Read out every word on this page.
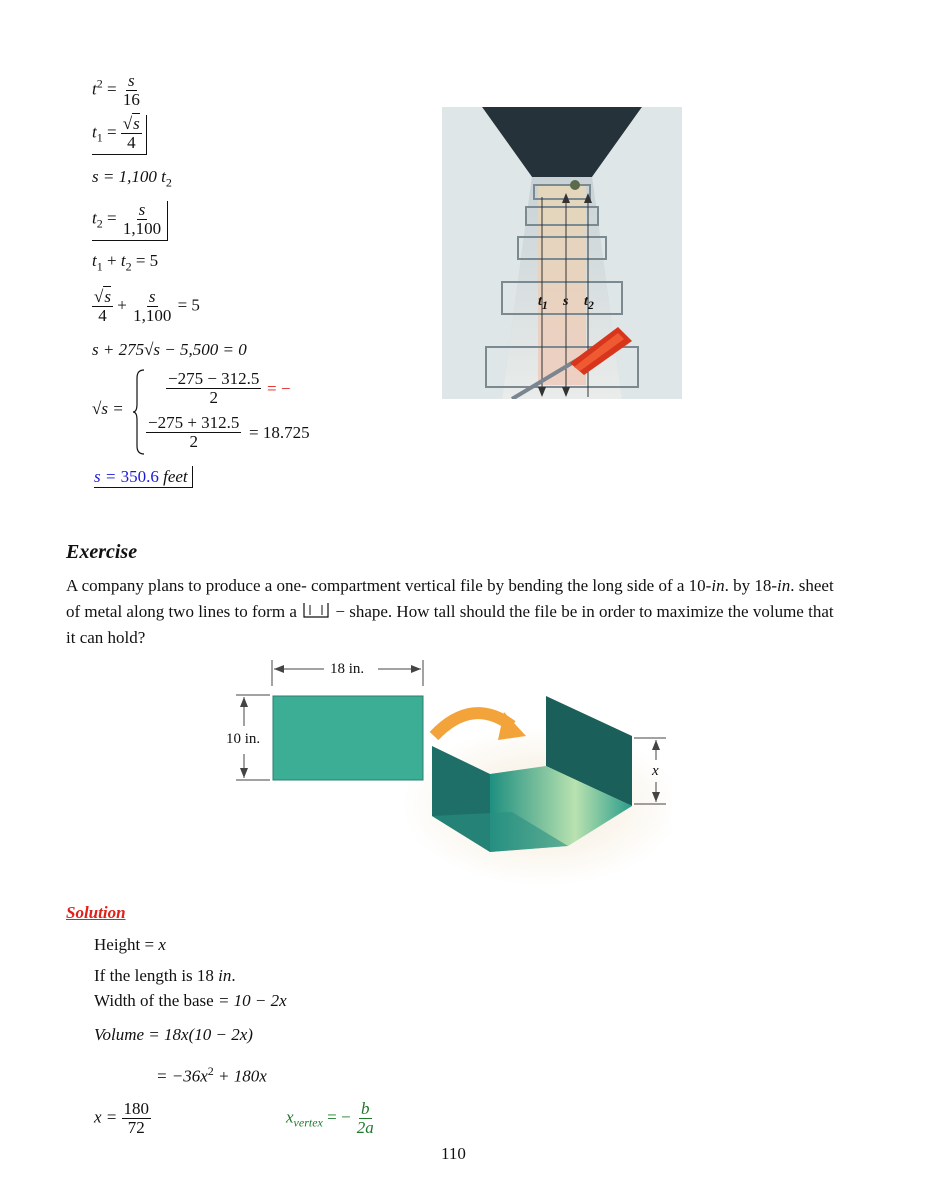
$t^2 = \frac{s}{16}$
$t_1 = \frac{√s}{4}$
s = 1,100 $t_2$
$t_2 = \frac{s}{1,100}$
$t_1 + t_2 = 5$
$\frac{√s}{4} + \frac{s}{1,100} = 5$
s + 275√s − 5,500 = 0
√s =
$\frac{-275 - 312.5}{2}$ = −
$\frac{-275 + 312.5}{2} = 18.725$
s = 350.6 feet
$t_1$ s $t_2$
Exercise
A company plans to produce a one- compartment vertical file by bending the long side of a 10-in. by 18-in. sheet of metal along two lines to form a  − shape. How tall should the file be in order to maximize the volume that it can hold?
18 in.
10 in.
x
Solution
Height = x
If the length is 18 in.
Width of the base = 10 − 2x
Volume = 18x(10 − 2x)
= $-36x^2 + 180x$
$x = \frac{180}{72}$	$x_{vertex}$ = − $\frac{b}{2a}$
110
